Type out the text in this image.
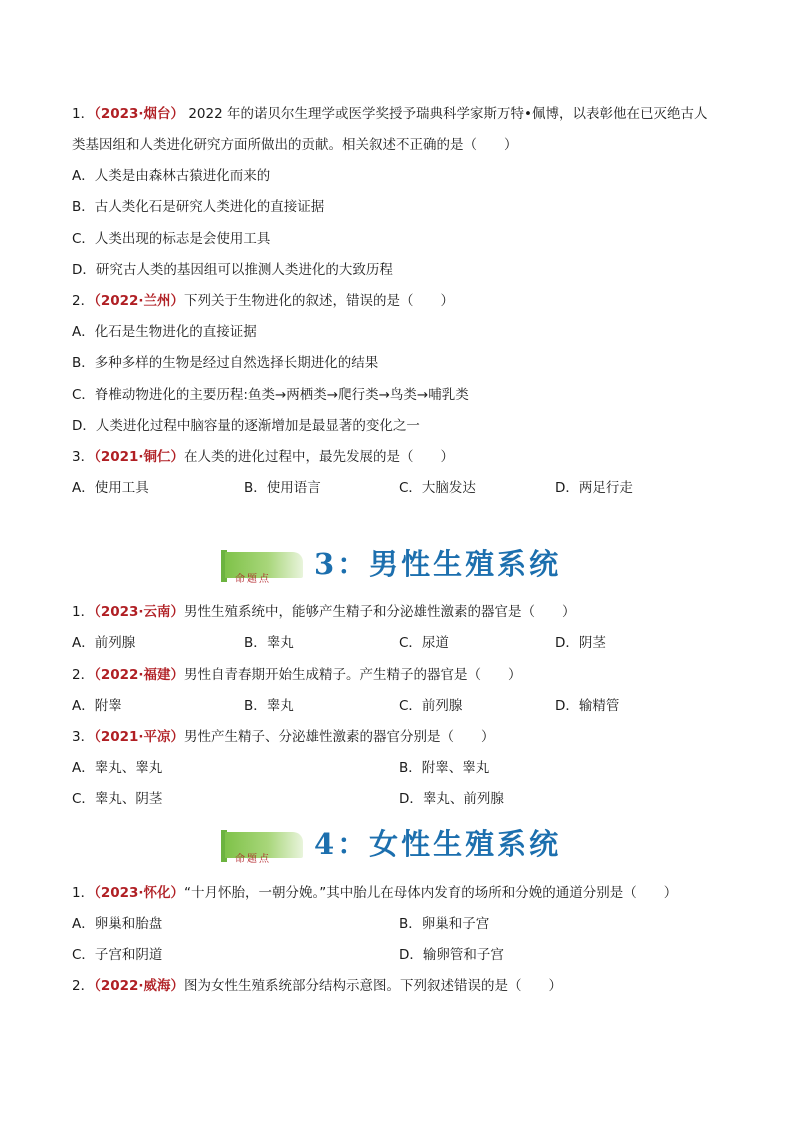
1．（2023·烟台） 2022 年的诺贝尔生理学或医学奖授予瑞典科学家斯万特•佩博，以表彰他在已灭绝古人
类基因组和人类进化研究方面所做出的贡献。相关叙述不正确的是（　　）
A．人类是由森林古猿进化而来的
B．古人类化石是研究人类进化的直接证据
C．人类出现的标志是会使用工具
D．研究古人类的基因组可以推测人类进化的大致历程
2．（2022·兰州）下列关于生物进化的叙述，错误的是（　　）
A．化石是生物进化的直接证据
B．多种多样的生物是经过自然选择长期进化的结果
C．脊椎动物进化的主要历程:鱼类→两栖类→爬行类→鸟类→哺乳类
D．人类进化过程中脑容量的逐渐增加是最显著的变化之一
3．（2021·铜仁）在人类的进化过程中，最先发展的是（　　）
A．使用工具	B．使用语言	C．大脑发达	D．两足行走
命题点 3：男性生殖系统
1．（2023·云南）男性生殖系统中，能够产生精子和分泌雄性激素的器官是（　　）
A．前列腺	B．睾丸	C．尿道	D．阴茎
2．（2022·福建）男性自青春期开始生成精子。产生精子的器官是（　　）
A．附睾	B．睾丸	C．前列腺	D．输精管
3．（2021·平凉）男性产生精子、分泌雄性激素的器官分别是（　　）
A．睾丸、睾丸	B．附睾、睾丸
C．睾丸、阴茎	D．睾丸、前列腺
命题点 4：女性生殖系统
1．（2023·怀化）“十月怀胎，一朝分娩。”其中胎儿在母体内发育的场所和分娩的通道分别是（　　）
A．卵巢和胎盘	B．卵巢和子宫
C．子宫和阴道	D．输卵管和子宫
2．（2022·威海）图为女性生殖系统部分结构示意图。下列叙述错误的是（　　）
